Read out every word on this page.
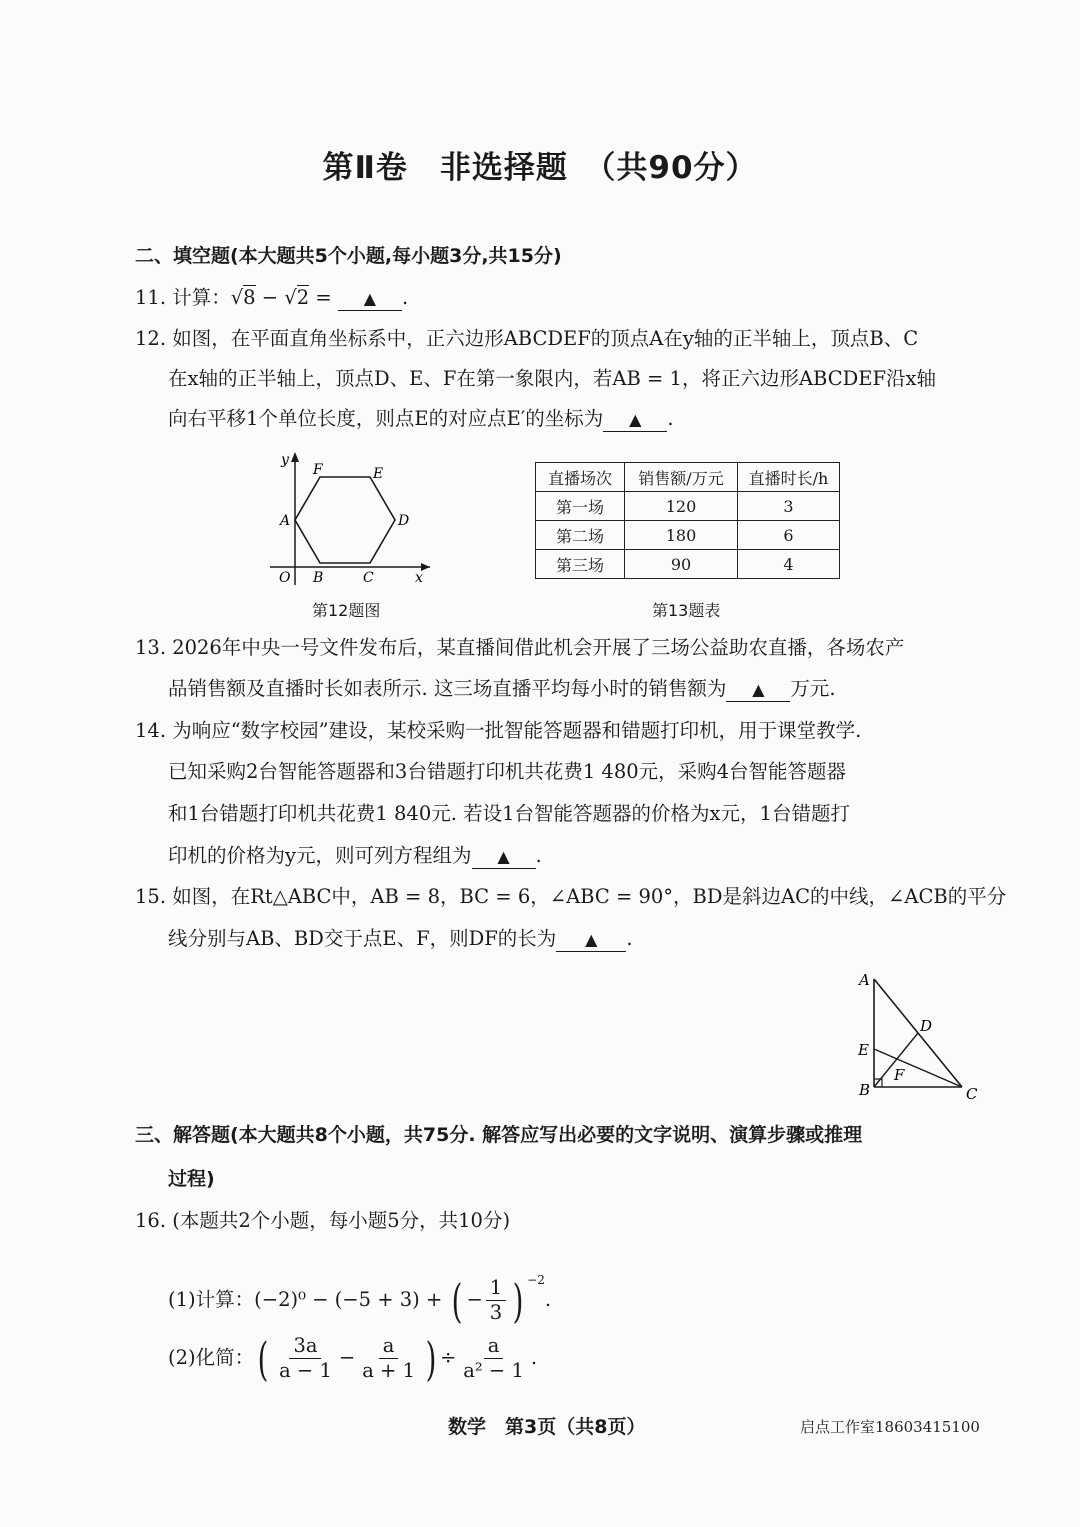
第Ⅱ卷　非选择题　（共90分）
二、填空题(本大题共5个小题,每小题3分,共15分)
11. 计算：√8 − √2 = ▲ .
12. 如图，在平面直角坐标系中，正六边形ABCDEF的顶点A在y轴的正半轴上，顶点B、C
在x轴的正半轴上，顶点D、E、F在第一象限内，若AB = 1，将正六边形ABCDEF沿x轴
向右平移1个单位长度，则点E的对应点E′的坐标为 ▲ .
y
x
O
A
B	C
D
E
F
第12题图
直播场次	销售额/万元	直播时长/h
第一场	120	3
第二场	180	6
第三场	90	4
第13题表
13. 2026年中央一号文件发布后，某直播间借此机会开展了三场公益助农直播，各场农产
品销售额及直播时长如表所示. 这三场直播平均每小时的销售额为 ▲ 万元.
14. 为响应“数字校园”建设，某校采购一批智能答题器和错题打印机，用于课堂教学.
已知采购2台智能答题器和3台错题打印机共花费1 480元，采购4台智能答题器
和1台错题打印机共花费1 840元. 若设1台智能答题器的价格为x元，1台错题打
印机的价格为y元，则可列方程组为 ▲ .
15. 如图，在Rt△ABC中，AB = 8，BC = 6，∠ABC = 90°，BD是斜边AC的中线，∠ACB的平分
线分别与AB、BD交于点E、F，则DF的长为 ▲ .
A
B	C
D
E
F
三、解答题(本大题共8个小题，共75分. 解答应写出必要的文字说明、演算步骤或推理
过程)
16. (本题共2个小题，每小题5分，共10分)
(1)计算：(−2)⁰ − (−5 + 3) + ( − $\frac{1}{3}$ ) $^{-2}$.
(2)化简：( $\frac{3a}{a - 1} - \frac{a}{a + 1}$ ) ÷ $\frac{a}{\text{a² − 1}}$ .
数学　第3页（共8页）	启点工作室18603415100
